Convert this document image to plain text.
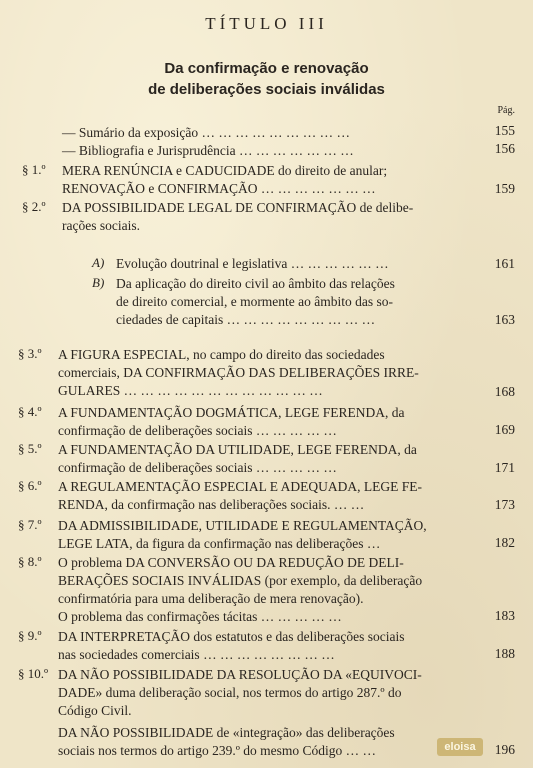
TÍTULO III
Da confirmação e renovação
de deliberações sociais inválidas
Pág.
— Sumário da exposição … … … … … … … … …	155
— Bibliografia e Jurisprudência … … … … … … …	156
§ 1.º MERA RENÚNCIA e CADUCIDADE do direito de anular;
RENOVAÇÃO e CONFIRMAÇÃO … … … … … … …	159
§ 2.º DA POSSIBILIDADE LEGAL DE CONFIRMAÇÃO de delibe-
rações sociais.
A) Evolução doutrinal e legislativa … … … … … …	161
B) Da aplicação do direito civil ao âmbito das relações
de direito comercial, e mormente ao âmbito das so-
ciedades de capitais … … … … … … … … …	163
§ 3.º A FIGURA ESPECIAL, no campo do direito das sociedades
comerciais, DA CONFIRMAÇÃO DAS DELIBERAÇÕES IRRE-
GULARES … … … … … … … … … … … …	168
§ 4.º A FUNDAMENTAÇÃO DOGMÁTICA, LEGE FERENDA, da
confirmação de deliberações sociais … … … … …	169
§ 5.º A FUNDAMENTAÇÃO DA UTILIDADE, LEGE FERENDA, da
confirmação de deliberações sociais … … … … …	171
§ 6.º A REGULAMENTAÇÃO ESPECIAL E ADEQUADA, LEGE FE-
RENDA, da confirmação nas deliberações sociais. … …	173
§ 7.º DA ADMISSIBILIDADE, UTILIDADE E REGULAMENTAÇÃO,
LEGE LATA, da figura da confirmação nas deliberações …	182
§ 8.º O problema DA CONVERSÃO OU DA REDUÇÃO DE DELI-
BERAÇÕES SOCIAIS INVÁLIDAS (por exemplo, da deliberação
confirmatória para uma deliberação de mera renovação).
O problema das confirmações tácitas … … … … …	183
§ 9.º DA INTERPRETAÇÃO dos estatutos e das deliberações sociais
nas sociedades comerciais … … … … … … … …	188
§ 10.º DA NÃO POSSIBILIDADE DA RESOLUÇÃO DA «EQUIVOCI-
DADE» duma deliberação social, nos termos do artigo 287.º do
Código Civil.
DA NÃO POSSIBILIDADE de «integração» das deliberações
sociais nos termos do artigo 239.º do mesmo Código … …	196
eloisa
